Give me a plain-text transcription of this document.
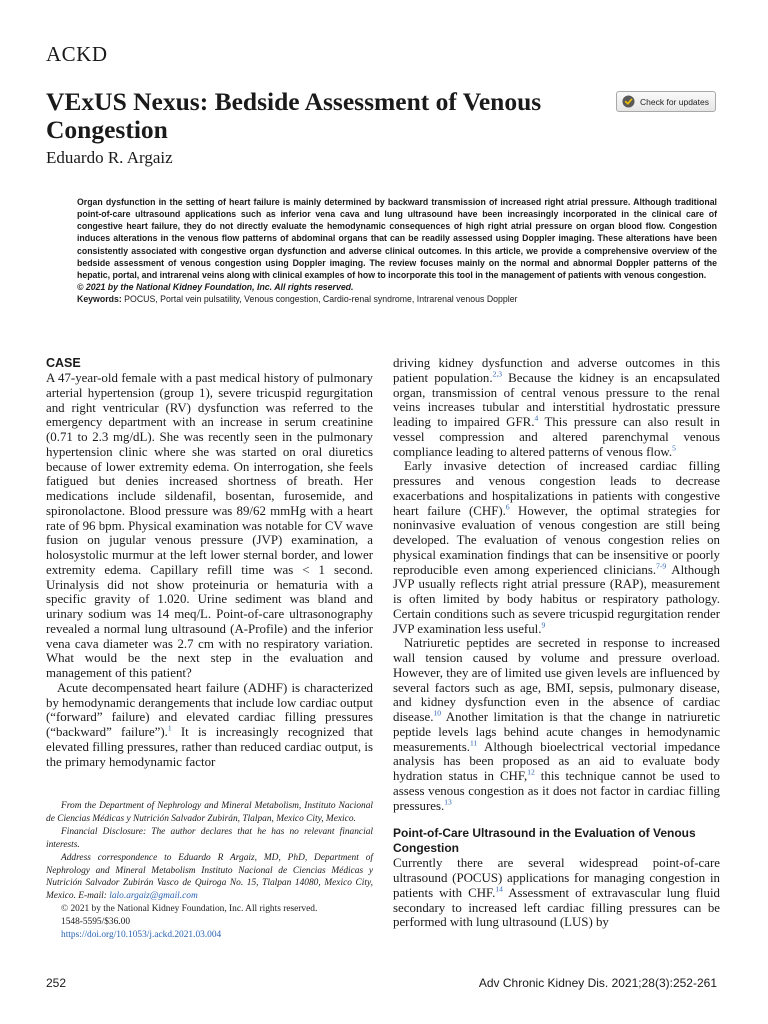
ACKD
VExUS Nexus: Bedside Assessment of Venous Congestion
Check for updates
Eduardo R. Argaiz

Organ dysfunction in the setting of heart failure is mainly determined by backward transmission of increased right atrial pressure. Although traditional point-of-care ultrasound applications such as inferior vena cava and lung ultrasound have been increasingly incorporated in the clinical care of congestive heart failure, they do not directly evaluate the hemodynamic consequences of high right atrial pressure on organ blood flow. Congestion induces alterations in the venous flow patterns of abdominal organs that can be readily assessed using Doppler imaging. These alterations have been consistently associated with congestive organ dysfunction and adverse clinical outcomes. In this article, we provide a comprehensive overview of the bedside assessment of venous congestion using Doppler imaging. The review focuses mainly on the normal and abnormal Doppler patterns of the hepatic, portal, and intrarenal veins along with clinical examples of how to incorporate this tool in the management of patients with venous congestion.

© 2021 by the National Kidney Foundation, Inc. All rights reserved.

Keywords: POCUS, Portal vein pulsatility, Venous congestion, Cardio-renal syndrome, Intrarenal venous Doppler

CASE

A 47-year-old female with a past medical history of pulmonary arterial hypertension (group 1), severe tricuspid regurgitation and right ventricular (RV) dysfunction was referred to the emergency department with an increase in serum creatinine (0.71 to 2.3 mg/dL). She was recently seen in the pulmonary hypertension clinic where she was started on oral diuretics because of lower extremity edema. On interrogation, she feels fatigued but denies increased shortness of breath. Her medications include sildenafil, bosentan, furosemide, and spironolactone. Blood pressure was 89/62 mmHg with a heart rate of 96 bpm. Physical examination was notable for CV wave fusion on jugular venous pressure (JVP) examination, a holosystolic murmur at the left lower sternal border, and lower extremity edema. Capillary refill time was < 1 second. Urinalysis did not show proteinuria or hematuria with a specific gravity of 1.020. Urine sediment was bland and urinary sodium was 14 meq/L. Point-of-care ultrasonography revealed a normal lung ultrasound (A-Profile) and the inferior vena cava diameter was 2.7 cm with no respiratory variation. What would be the next step in the evaluation and management of this patient?

Acute decompensated heart failure (ADHF) is characterized by hemodynamic derangements that include low cardiac output (“forward” failure) and elevated cardiac filling pressures (“backward” failure”).$^1$ It is increasingly recognized that elevated filling pressures, rather than reduced cardiac output, is the primary hemodynamic factor

From the Department of Nephrology and Mineral Metabolism, Instituto Nacional de Ciencias Médicas y Nutrición Salvador Zubirán, Tlalpan, Mexico City, Mexico.

Financial Disclosure: The author declares that he has no relevant financial interests.

Address correspondence to Eduardo R Argaiz, MD, PhD, Department of Nephrology and Mineral Metabolism Instituto Nacional de Ciencias Médicas y Nutrición Salvador Zubirán Vasco de Quiroga No. 15, Tlalpan 14080, Mexico City, Mexico. E-mail: lalo.argaiz@gmail.com

© 2021 by the National Kidney Foundation, Inc. All rights reserved.

1548-5595/$36.00

https://doi.org/10.1053/j.ackd.2021.03.004

driving kidney dysfunction and adverse outcomes in this patient population.$^{2,3}$ Because the kidney is an encapsulated organ, transmission of central venous pressure to the renal veins increases tubular and interstitial hydrostatic pressure leading to impaired GFR.$^4$ This pressure can also result in vessel compression and altered parenchymal venous compliance leading to altered patterns of venous flow.$^5$

Early invasive detection of increased cardiac filling pressures and venous congestion leads to decrease exacerbations and hospitalizations in patients with congestive heart failure (CHF).$^6$ However, the optimal strategies for noninvasive evaluation of venous congestion are still being developed. The evaluation of venous congestion relies on physical examination findings that can be insensitive or poorly reproducible even among experienced clinicians.$^{7-9}$ Although JVP usually reflects right atrial pressure (RAP), measurement is often limited by body habitus or respiratory pathology. Certain conditions such as severe tricuspid regurgitation render JVP examination less useful.$^9$

Natriuretic peptides are secreted in response to increased wall tension caused by volume and pressure overload. However, they are of limited use given levels are influenced by several factors such as age, BMI, sepsis, pulmonary disease, and kidney dysfunction even in the absence of cardiac disease.$^{10}$ Another limitation is that the change in natriuretic peptide levels lags behind acute changes in hemodynamic measurements.$^{11}$ Although bioelectrical vectorial impedance analysis has been proposed as an aid to evaluate body hydration status in CHF,$^{12}$ this technique cannot be used to assess venous congestion as it does not factor in cardiac filling pressures.$^{13}$

Point-of-Care Ultrasound in the Evaluation of Venous Congestion

Currently there are several widespread point-of-care ultrasound (POCUS) applications for managing congestion in patients with CHF.$^{14}$ Assessment of extravascular lung fluid secondary to increased left cardiac filling pressures can be performed with lung ultrasound (LUS) by

252	Adv Chronic Kidney Dis. 2021;28(3):252-261
